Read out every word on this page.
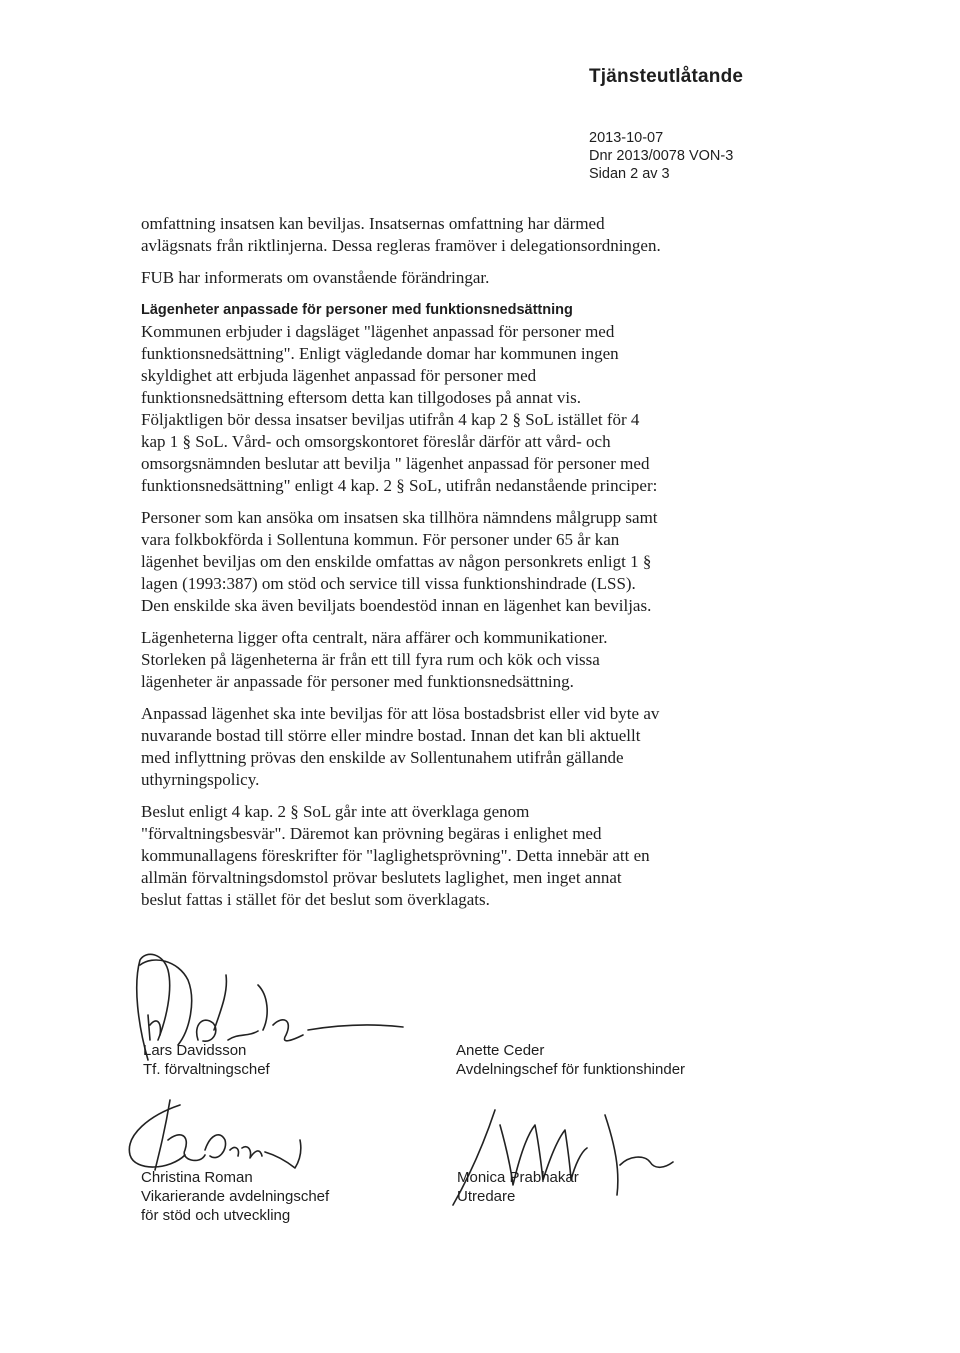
Tjänsteutlåtande
2013-10-07
Dnr 2013/0078 VON-3
Sidan 2 av 3
omfattning insatsen kan beviljas. Insatsernas omfattning har därmed
avlägsnats från riktlinjerna. Dessa regleras framöver i delegationsordningen.
FUB har informerats om ovanstående förändringar.
Lägenheter anpassade för personer med funktionsnedsättning
Kommunen erbjuder i dagsläget "lägenhet anpassad för personer med
funktionsnedsättning". Enligt vägledande domar har kommunen ingen
skyldighet att erbjuda lägenhet anpassad för personer med
funktionsnedsättning eftersom detta kan tillgodoses på annat vis.
Följaktligen bör dessa insatser beviljas utifrån 4 kap 2 § SoL istället för 4
kap 1 § SoL. Vård- och omsorgskontoret föreslår därför att vård- och
omsorgsnämnden beslutar att bevilja " lägenhet anpassad för personer med
funktionsnedsättning" enligt 4 kap. 2 § SoL, utifrån nedanstående principer:
Personer som kan ansöka om insatsen ska tillhöra nämndens målgrupp samt
vara folkbokförda i Sollentuna kommun. För personer under 65 år kan
lägenhet beviljas om den enskilde omfattas av någon personkrets enligt 1 §
lagen (1993:387) om stöd och service till vissa funktionshindrade (LSS).
Den enskilde ska även beviljats boendestöd innan en lägenhet kan beviljas.
Lägenheterna ligger ofta centralt, nära affärer och kommunikationer.
Storleken på lägenheterna är från ett till fyra rum och kök och vissa
lägenheter är anpassade för personer med funktionsnedsättning.
Anpassad lägenhet ska inte beviljas för att lösa bostadsbrist eller vid byte av
nuvarande bostad till större eller mindre bostad. Innan det kan bli aktuellt
med inflyttning prövas den enskilde av Sollentunahem utifrån gällande
uthyrningspolicy.
Beslut enligt 4 kap. 2 § SoL går inte att överklaga genom
"förvaltningsbesvär". Däremot kan prövning begäras i enlighet med
kommunallagens föreskrifter för "laglighetsprövning". Detta innebär att en
allmän förvaltningsdomstol prövar beslutets laglighet, men inget annat
beslut fattas i stället för det beslut som överklagats.
Lars Davidsson
Tf. förvaltningschef
Anette Ceder
Avdelningschef för funktionshinder
Christina Roman
Vikarierande avdelningschef
för stöd och utveckling
Monica Prabhakar
Utredare
